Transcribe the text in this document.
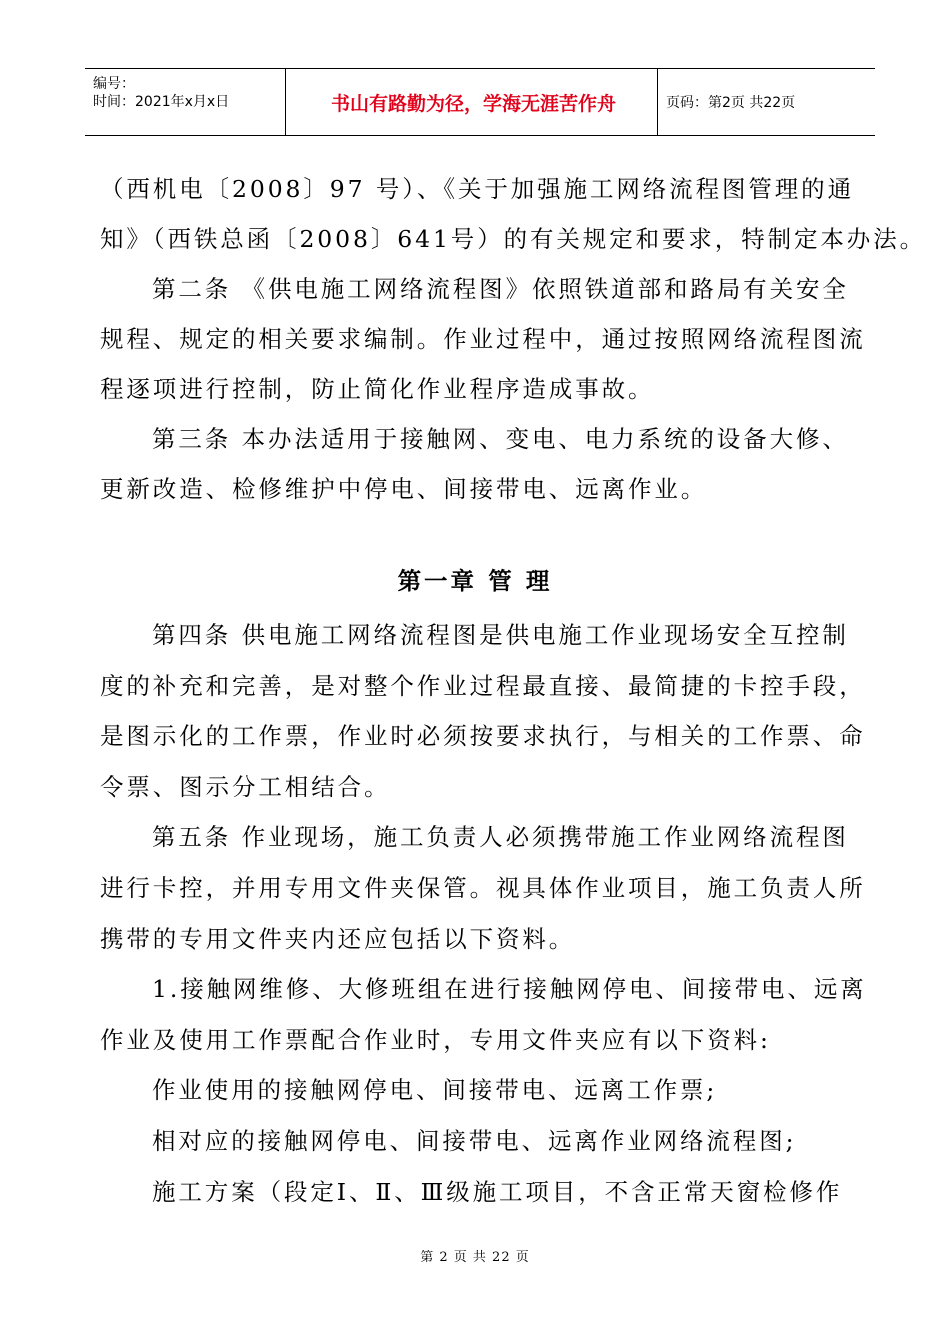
编号：
时间：2021年x月x日	书山有路勤为径，学海无涯苦作舟	页码：第2页 共22页

（西机电〔2008〕97 号）、《关于加强施工网络流程图管理的通

知》（西铁总函〔2008〕641号）的有关规定和要求，特制定本办法。

第二条 《供电施工网络流程图》依照铁道部和路局有关安全

规程、规定的相关要求编制。作业过程中，通过按照网络流程图流

程逐项进行控制，防止简化作业程序造成事故。

第三条 本办法适用于接触网、变电、电力系统的设备大修、

更新改造、检修维护中停电、间接带电、远离作业。

第一章 管 理

第四条 供电施工网络流程图是供电施工作业现场安全互控制

度的补充和完善，是对整个作业过程最直接、最简捷的卡控手段，

是图示化的工作票，作业时必须按要求执行，与相关的工作票、命

令票、图示分工相结合。

第五条 作业现场，施工负责人必须携带施工作业网络流程图

进行卡控，并用专用文件夹保管。视具体作业项目，施工负责人所

携带的专用文件夹内还应包括以下资料。

1.接触网维修、大修班组在进行接触网停电、间接带电、远离

作业及使用工作票配合作业时，专用文件夹应有以下资料:

作业使用的接触网停电、间接带电、远离工作票;

相对应的接触网停电、间接带电、远离作业网络流程图;

施工方案（段定Ⅰ、Ⅱ、Ⅲ级施工项目，不含正常天窗检修作

第 2 页 共 22 页
